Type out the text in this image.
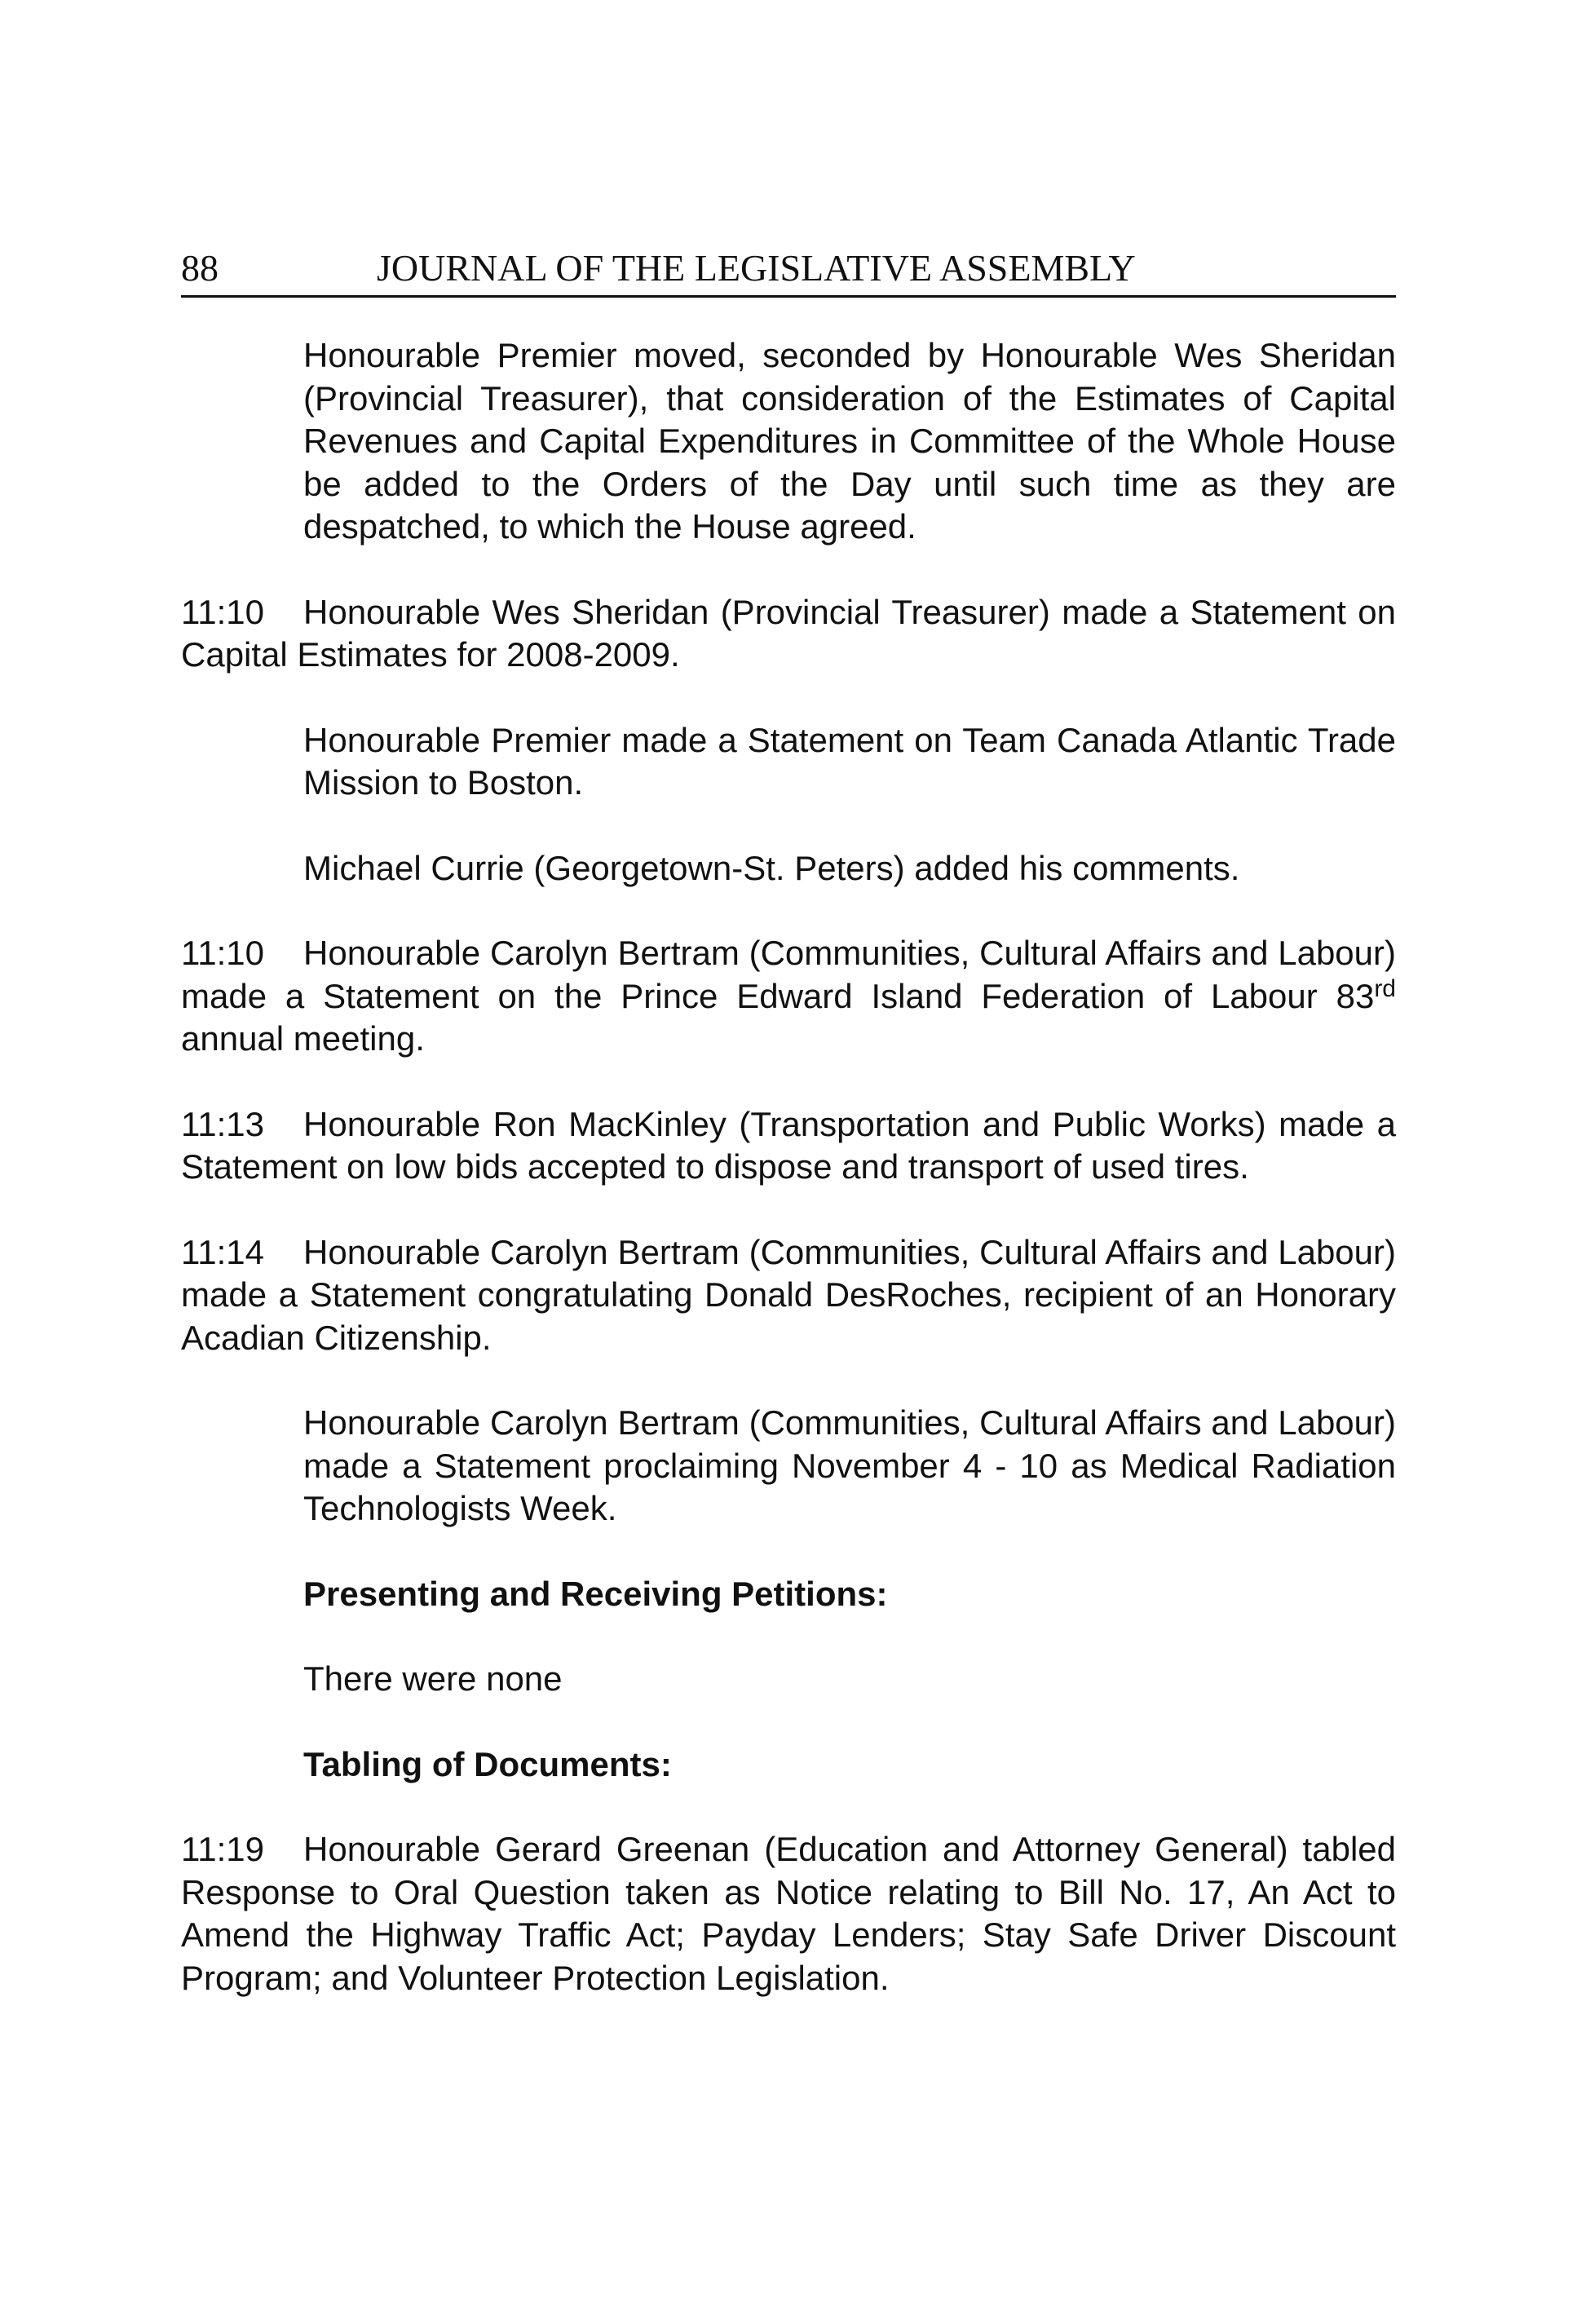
88	JOURNAL OF THE LEGISLATIVE ASSEMBLY

Honourable Premier moved, seconded by Honourable Wes Sheridan (Provincial Treasurer), that consideration of the Estimates of Capital Revenues and Capital Expenditures in Committee of the Whole House be added to the Orders of the Day until such time as they are despatched, to which the House agreed.

11:10 Honourable Wes Sheridan (Provincial Treasurer) made a Statement on Capital Estimates for 2008-2009.

Honourable Premier made a Statement on Team Canada Atlantic Trade Mission to Boston.

Michael Currie (Georgetown-St. Peters) added his comments.

11:10 Honourable Carolyn Bertram (Communities, Cultural Affairs and Labour) made a Statement on the Prince Edward Island Federation of Labour 83rd annual meeting.

11:13 Honourable Ron MacKinley (Transportation and Public Works) made a Statement on low bids accepted to dispose and transport of used tires.

11:14 Honourable Carolyn Bertram (Communities, Cultural Affairs and Labour) made a Statement congratulating Donald DesRoches, recipient of an Honorary Acadian Citizenship.

Honourable Carolyn Bertram (Communities, Cultural Affairs and Labour) made a Statement proclaiming November 4 - 10 as Medical Radiation Technologists Week.

Presenting and Receiving Petitions:

There were none

Tabling of Documents:

11:19 Honourable Gerard Greenan (Education and Attorney General) tabled Response to Oral Question taken as Notice relating to Bill No. 17, An Act to Amend the Highway Traffic Act; Payday Lenders; Stay Safe Driver Discount Program; and Volunteer Protection Legislation.
